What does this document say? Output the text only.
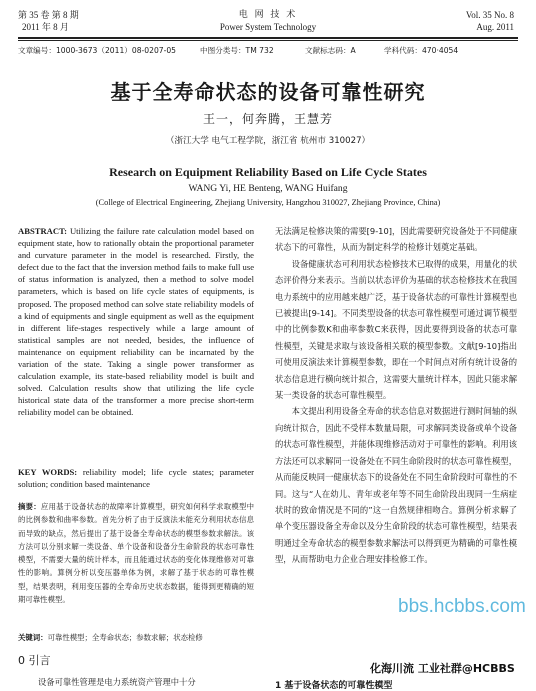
第 35 卷 第 8 期
2011 年 8 月
电 网 技 术
Power System Technology
Vol. 35 No. 8
Aug. 2011
文章编号：1000-3673（2011）08-0207-05	中图分类号：TM 732	文献标志码：A	学科代码：470·4054
基于全寿命状态的设备可靠性研究
王一，何奔腾，王慧芳
（浙江大学 电气工程学院，浙江省 杭州市 310027）
Research on Equipment Reliability Based on Life Cycle States
WANG Yi, HE Benteng, WANG Huifang
(College of Electrical Engineering, Zhejiang University, Hangzhou 310027, Zhejiang Province, China)
ABSTRACT: Utilizing the failure rate calculation model based on equipment state, how to rationally obtain the proportional parameter and curvature parameter in the model is researched. Firstly, the defect due to the fact that the inversion method fails to make full use of status information is analyzed, then a method to solve model parameters, which is based on life cycle states of equipments, is proposed. The proposed method can solve state reliability models of a kind of equipments and single equipment as well as the equipment in different life-stages respectively while a large amount of statistical samples are not needed, besides, the influence of maintenance on equipment reliability can be incarnated by the variation of the state. Taking a single power transformer as calculation example, its state-based reliability model is built and solved. Calculation results show that utilizing the life cycle historical state data of the transformer a more precise short-term reliability model can be obtained.
KEY WORDS: reliability model; life cycle states; parameter solution; condition based maintenance
摘要：应用基于设备状态的故障率计算模型，研究如何科学求取模型中的比例参数和曲率参数。首先分析了由于反演法未能充分利用状态信息而导致的缺点，然后提出了基于设备全寿命状态的模型参数求解法。该方法可以分别求解一类设备、单个设备和设备分生命阶段的状态可靠性模型，不需要大量的统计样本，而且能通过状态的变化体现维修对可靠性的影响。算例分析以变压器单体为例，求解了基于状态的可靠性模型，结果表明，利用变压器的全寿命历史状态数据，能得到更精确的短期可靠性模型。
关键词：可靠性模型；全寿命状态；参数求解；状态检修
0 引言
设备可靠性管理是电力系统资产管理中十分

无法满足检修决策的需要[9-10]，因此需要研究设备处于不同健康状态下的可靠性，从而为制定科学的检修计划奠定基础。

设备健康状态可利用状态检修技术已取得的成果，用量化的状态评价得分来表示。当前以状态评价为基础的状态检修技术在我国电力系统中的应用越来越广泛，基于设备状态的可靠性计算模型也已被提出[9-14]。不同类型设备的状态可靠性模型可通过调节模型中的比例参数K和曲率参数C来获得，因此要得到设备的状态可靠性模型，关键是求取与该设备相关联的模型参数。文献[9-10]指出可使用反演法来计算模型参数，即在一个时间点对所有统计设备的状态信息进行横向统计拟合，这需要大量统计样本，因此只能求解某一类设备的状态可靠性模型。

本文提出利用设备全寿命的状态信息对数据进行测时间轴的纵向统计拟合，因此不受样本数量局限，可求解同类设备或单个设备的状态可靠性模型，并能体现维修活动对于可靠性的影响。利用该方法还可以求解同一设备处在不同生命阶段时的状态可靠性模型，从而能反映同一健康状态下的设备处在不同生命阶段时可靠性的不同。这与“人在幼儿、青年或老年等不同生命阶段出现同一生病症状时的致命情况是不同的”这一自然规律相吻合。算例分析求解了单个变压器设备全寿命以及分生命阶段的状态可靠性模型，结果表明通过全寿命状态的模型参数求解法可以得到更为精确的可靠性模型，从而帮助电力企业合理安排检修工作。

1 基于设备状态的可靠性模型
bbs.hcbbs.com
化海川流 工业社群@HCBBS
